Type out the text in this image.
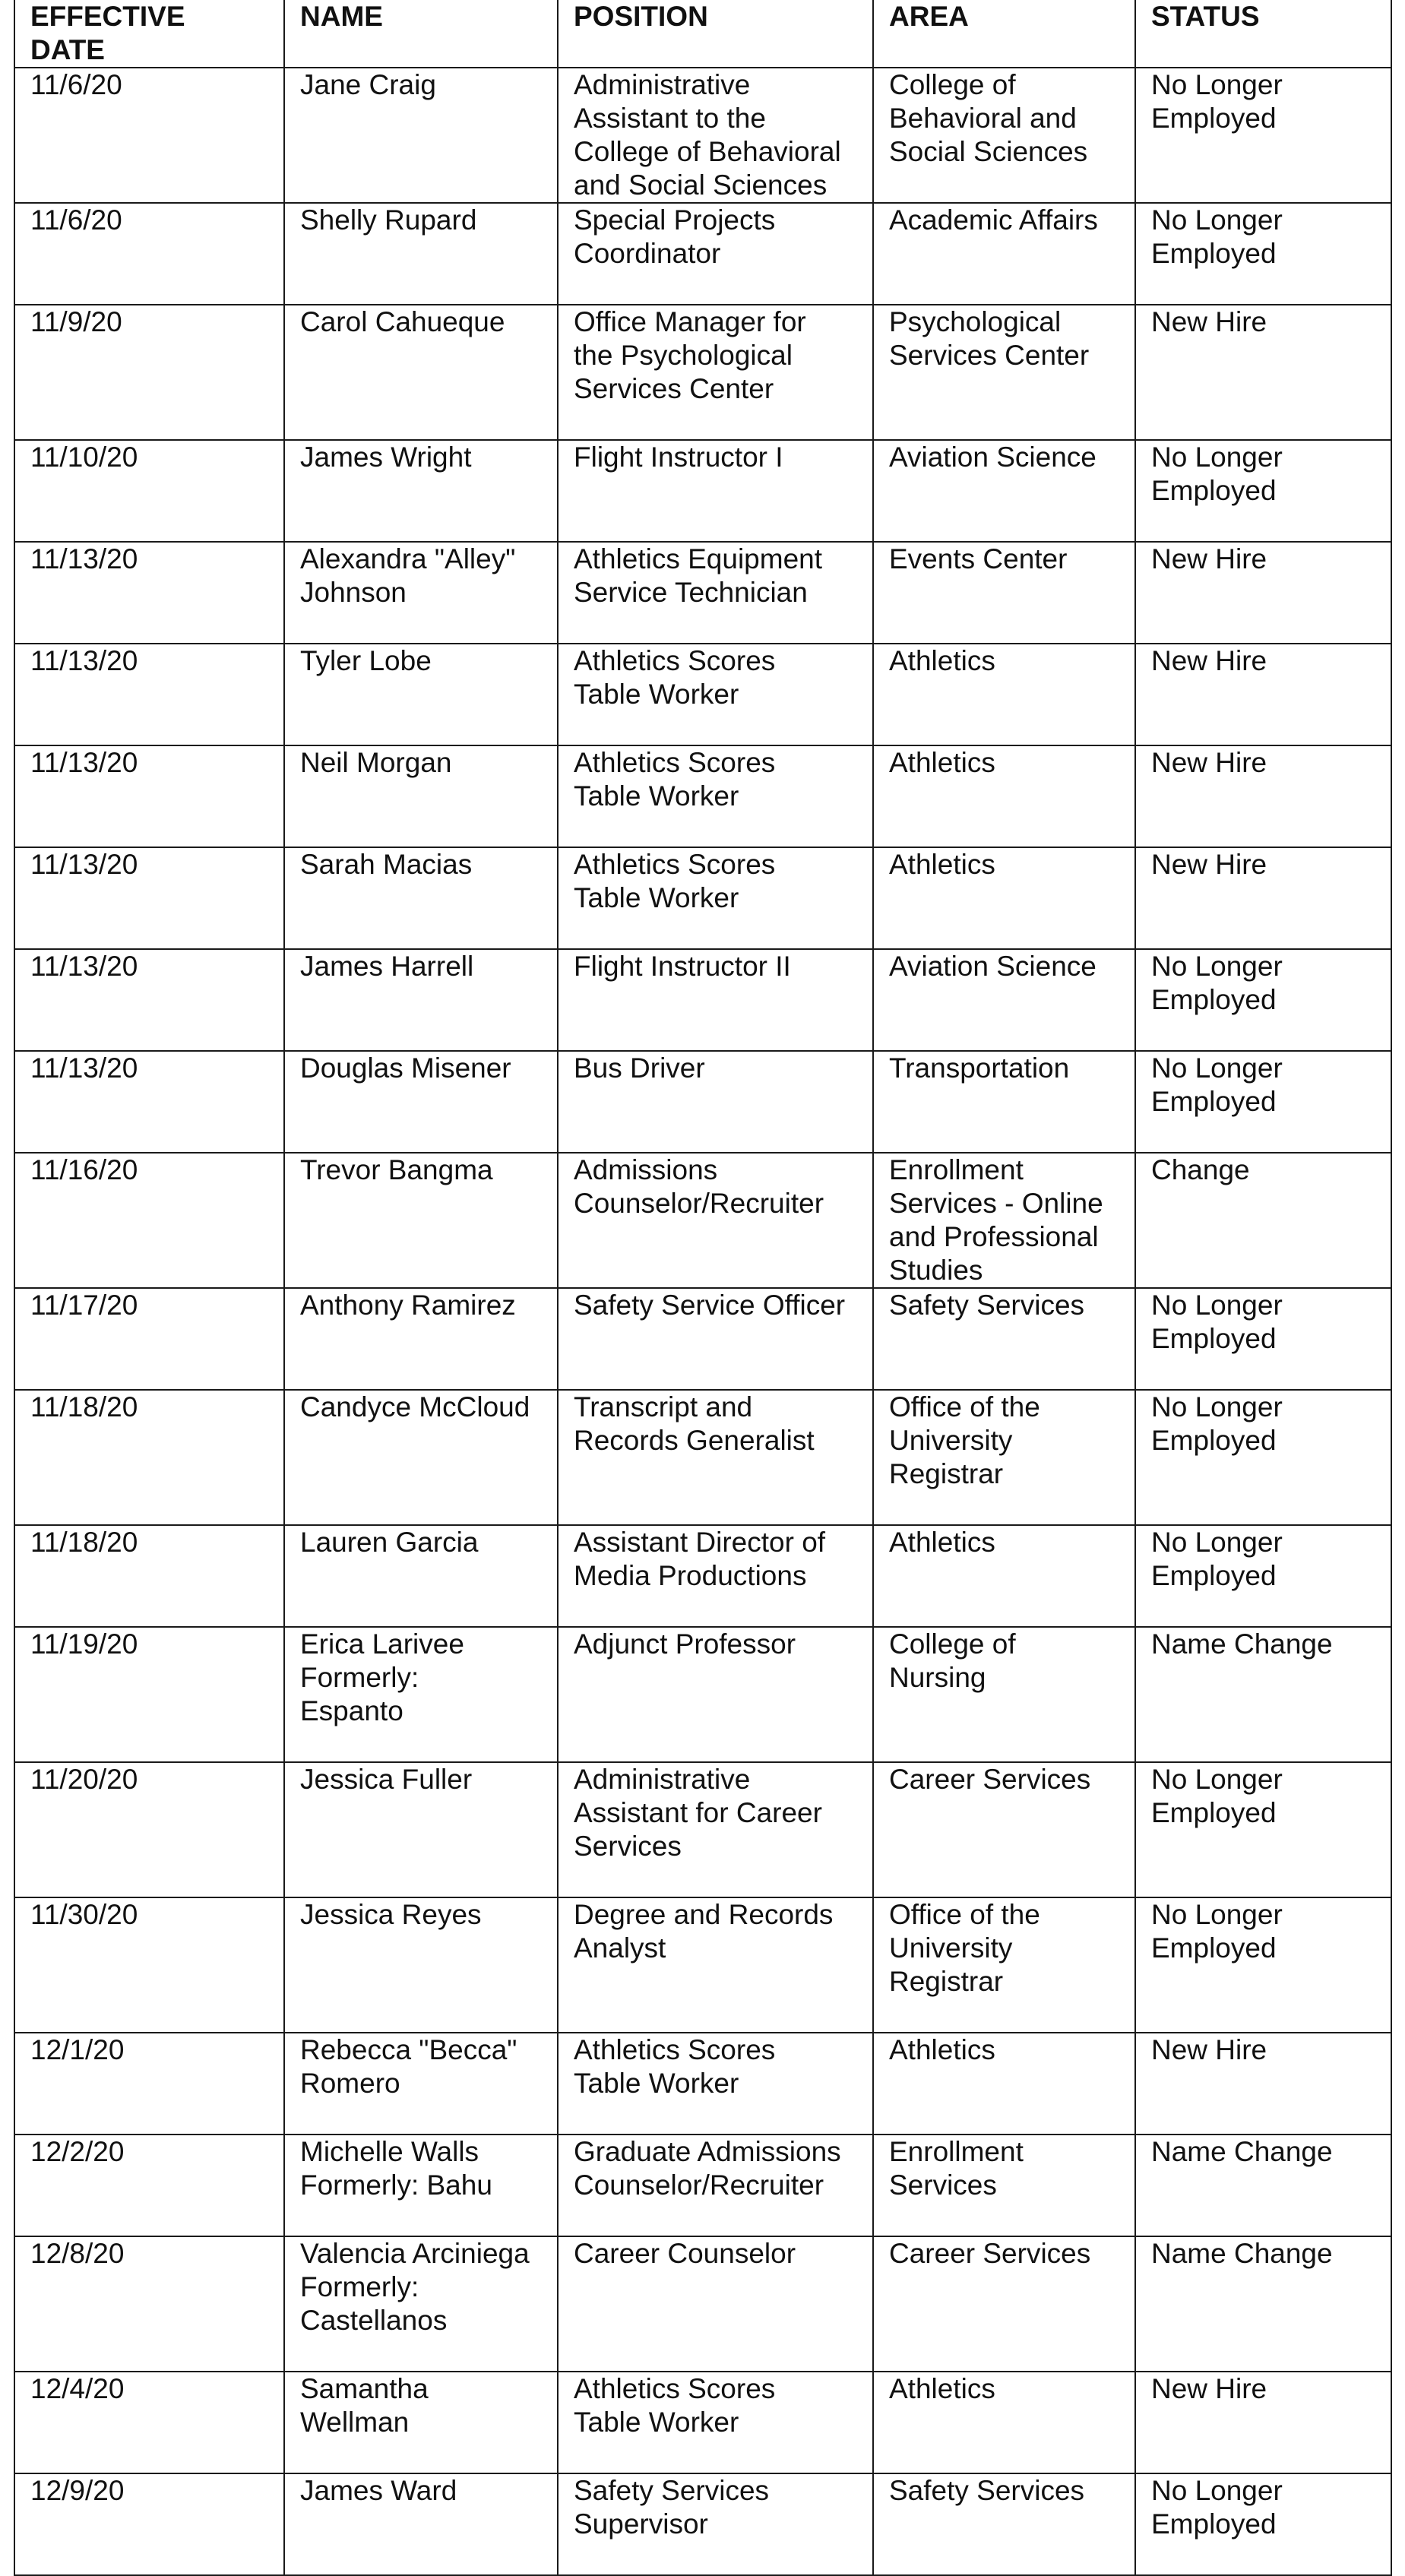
EFFECTIVE
DATE	NAME	POSITION	AREA	STATUS
11/6/20	Jane Craig	Administrative
Assistant to the
College of Behavioral
and Social Sciences	College of
Behavioral and
Social Sciences	No Longer
Employed
11/6/20	Shelly Rupard	Special Projects
Coordinator	Academic Affairs	No Longer
Employed
11/9/20	Carol Cahueque	Office Manager for
the Psychological
Services Center	Psychological
Services Center	New Hire
11/10/20	James Wright	Flight Instructor I	Aviation Science	No Longer
Employed
11/13/20	Alexandra "Alley"
Johnson	Athletics Equipment
Service Technician	Events Center	New Hire
11/13/20	Tyler Lobe	Athletics Scores
Table Worker	Athletics	New Hire
11/13/20	Neil Morgan	Athletics Scores
Table Worker	Athletics	New Hire
11/13/20	Sarah Macias	Athletics Scores
Table Worker	Athletics	New Hire
11/13/20	James Harrell	Flight Instructor II	Aviation Science	No Longer
Employed
11/13/20	Douglas Misener	Bus Driver	Transportation	No Longer
Employed
11/16/20	Trevor Bangma	Admissions
Counselor/Recruiter	Enrollment
Services - Online
and Professional
Studies	Change
11/17/20	Anthony Ramirez	Safety Service Officer	Safety Services	No Longer
Employed
11/18/20	Candyce McCloud	Transcript and
Records Generalist	Office of the
University
Registrar	No Longer
Employed
11/18/20	Lauren Garcia	Assistant Director of
Media Productions	Athletics	No Longer
Employed
11/19/20	Erica Larivee
Formerly:
Espanto	Adjunct Professor	College of
Nursing	Name Change
11/20/20	Jessica Fuller	Administrative
Assistant for Career
Services	Career Services	No Longer
Employed
11/30/20	Jessica Reyes	Degree and Records
Analyst	Office of the
University
Registrar	No Longer
Employed
12/1/20	Rebecca "Becca"
Romero	Athletics Scores
Table Worker	Athletics	New Hire
12/2/20	Michelle Walls
Formerly: Bahu	Graduate Admissions
Counselor/Recruiter	Enrollment
Services	Name Change
12/8/20	Valencia Arciniega
Formerly:
Castellanos	Career Counselor	Career Services	Name Change
12/4/20	Samantha
Wellman	Athletics Scores
Table Worker	Athletics	New Hire
12/9/20	James Ward	Safety Services
Supervisor	Safety Services	No Longer
Employed
